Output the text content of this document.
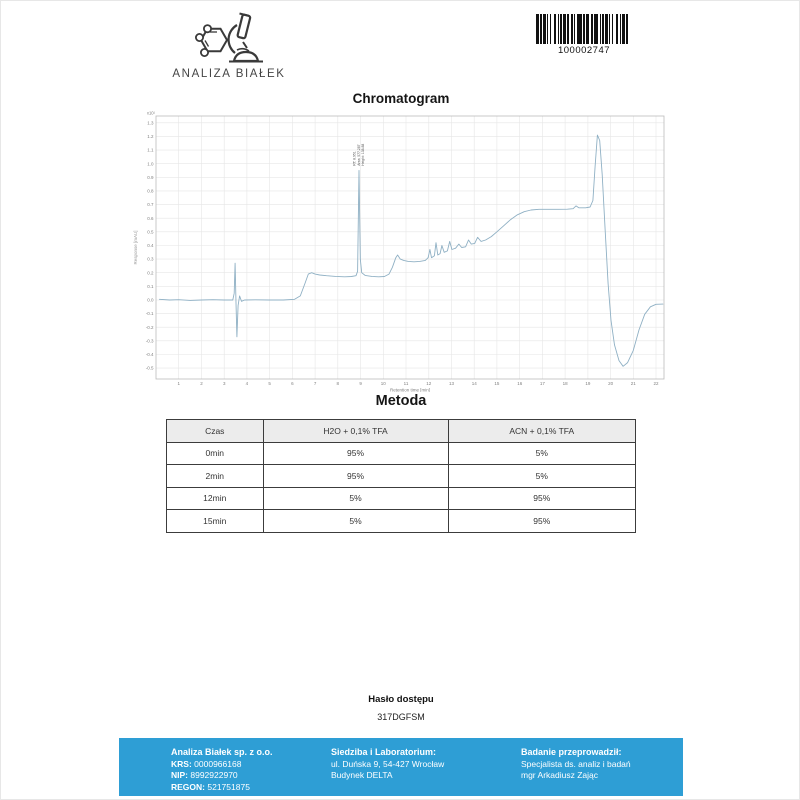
ANALIZA BIAŁEK
100002747
Chromatogram
1.3
1.2
1.1
1.0
0.9
0.8
0.7
0.6
0.5
0.4
0.3
0.2
0.1
0.0
-0.1
-0.2
-0.3
-0.4
-0.5
1	2	3	4	5	6	7	8	9	10	11	12	13	14	15	16	17	18	19	20	21	22
x10¹
Retention time [min]
Response [mAU]
RT: 8.951 Area: 577.287 Height: 138.88
Metoda
Czas	H2O + 0,1% TFA	ACN + 0,1% TFA
0min	95%	5%
2min	95%	5%
12min	5%	95%
15min	5%	95%
Hasło dostępu
317DGFSM
Analiza Białek sp. z o.o.
KRS: 0000966168
NIP: 8992922970
REGON: 521751875
Siedziba i Laboratorium:
ul. Duńska 9, 54-427 Wrocław
Budynek DELTA
Badanie przeprowadził:
Specjalista ds. analiz i badań
mgr Arkadiusz Zając
